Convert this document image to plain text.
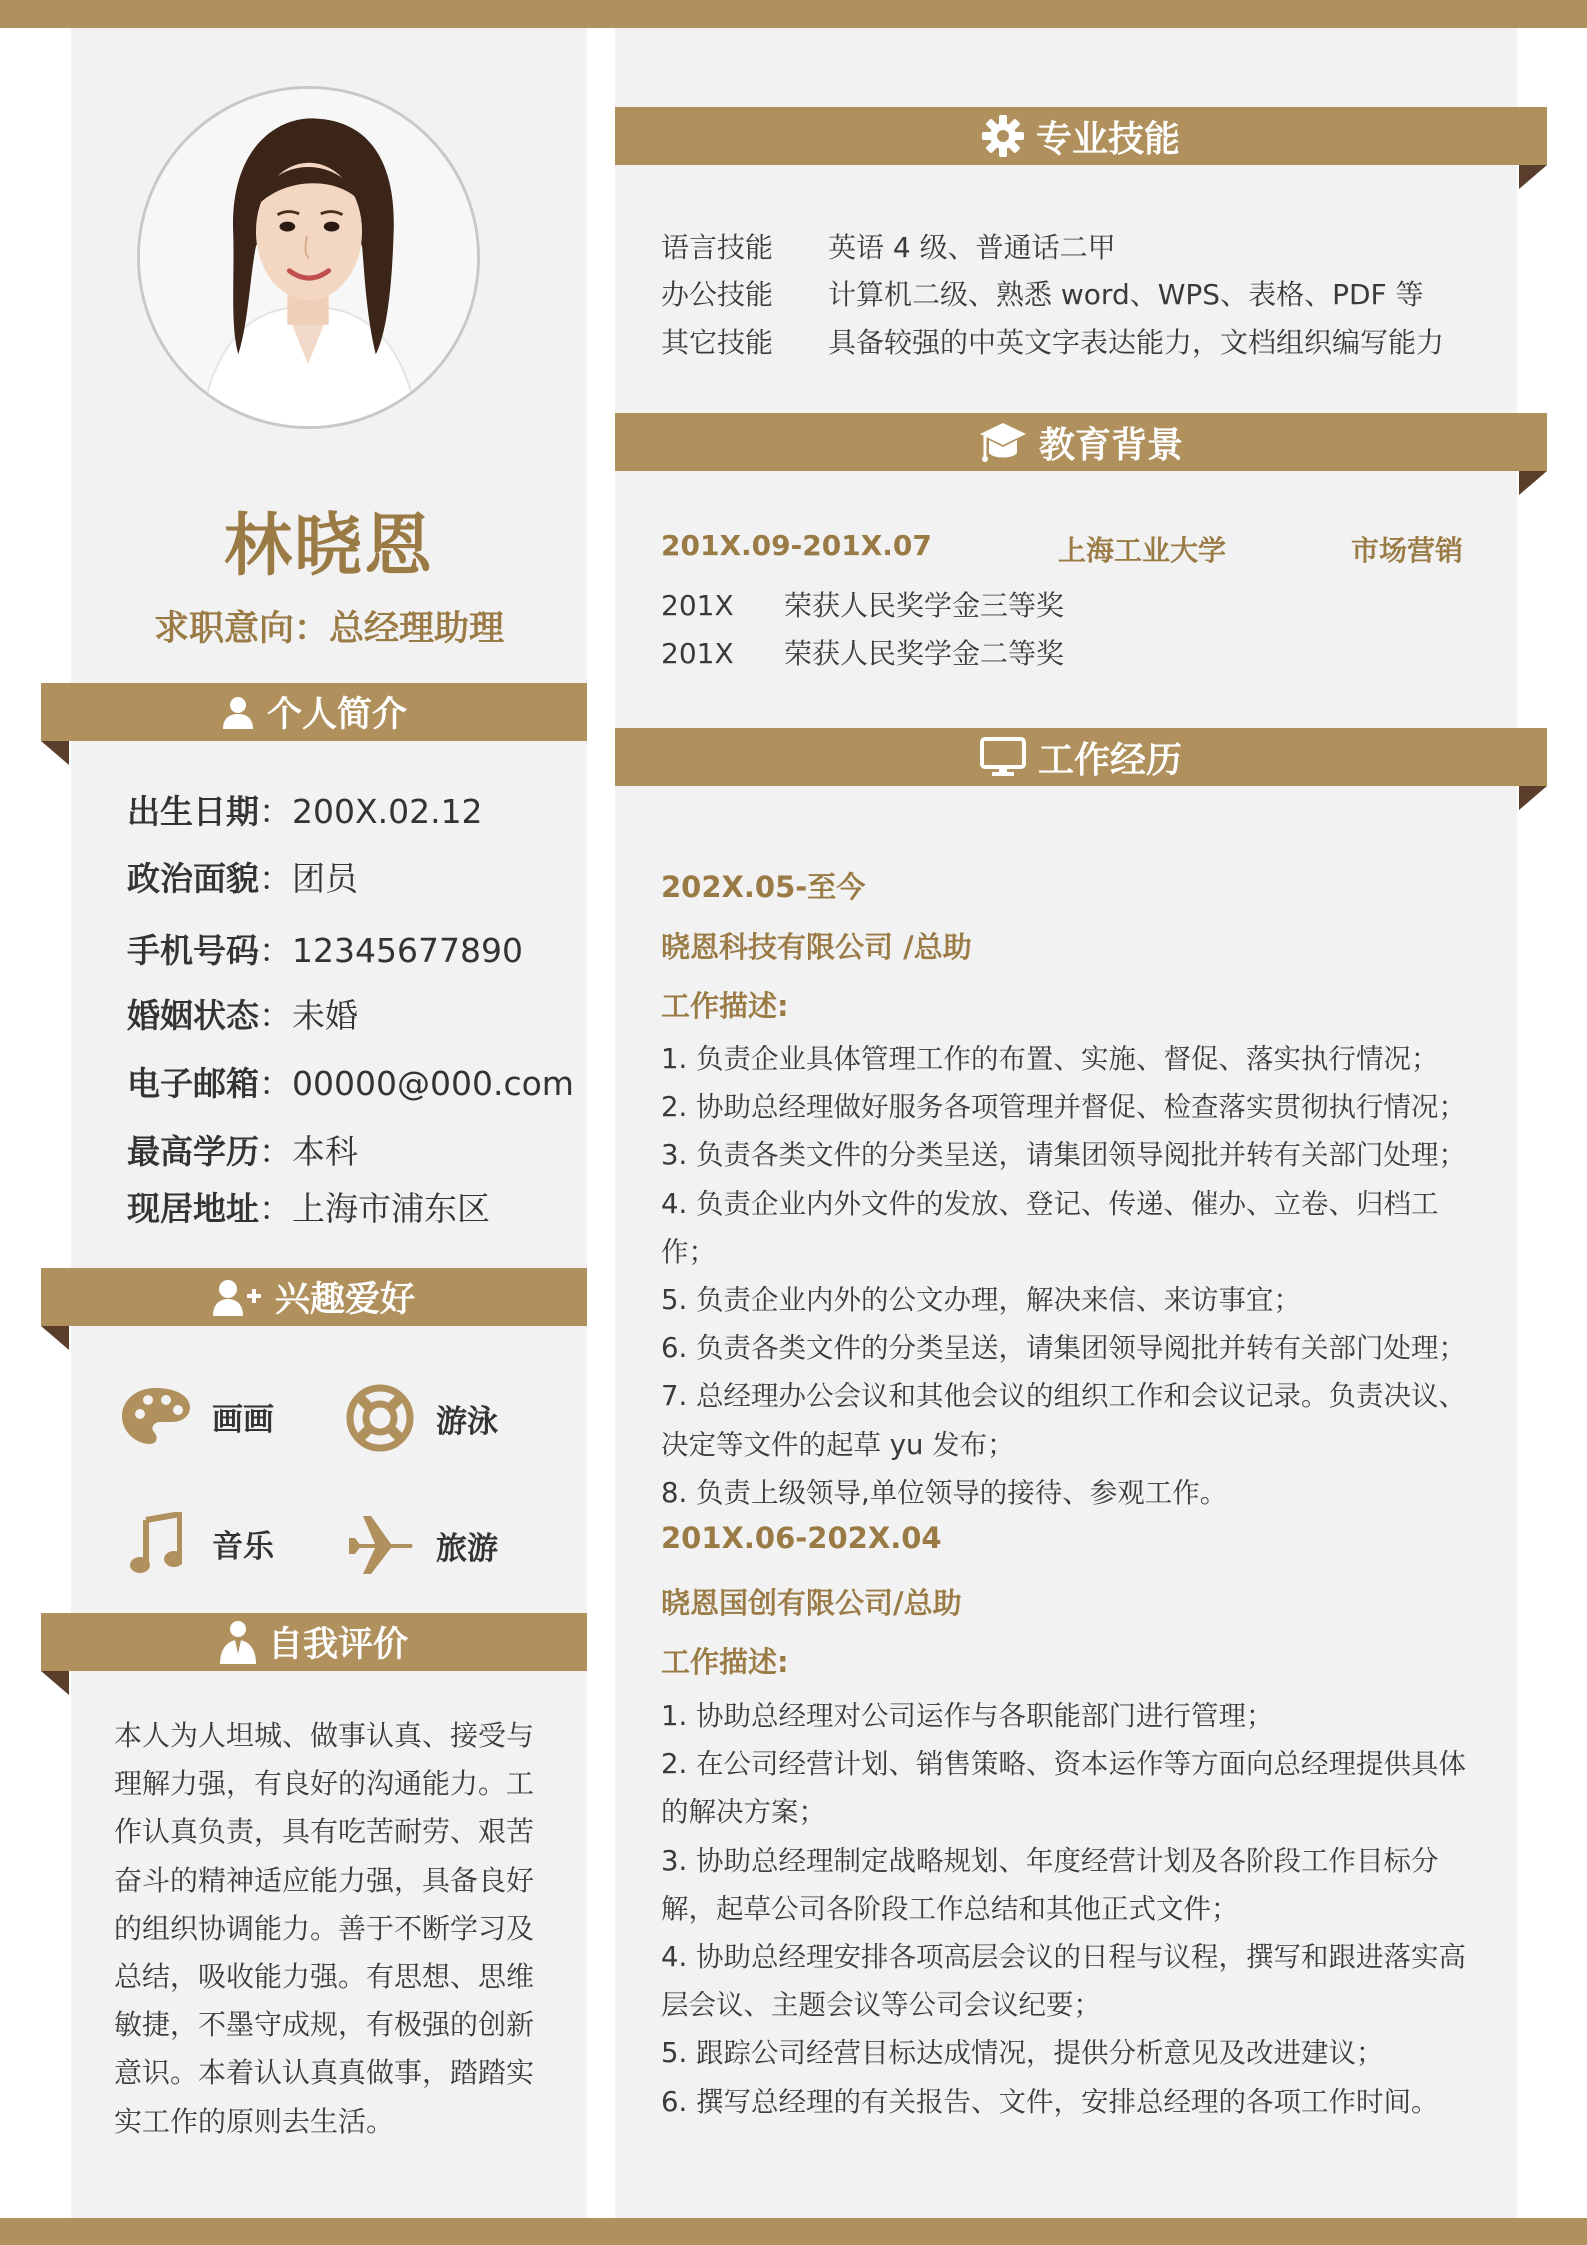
林晓恩
求职意向：总经理助理
个人简介
出生日期：200X.02.12
政治面貌：团员
手机号码：12345677890
婚姻状态：未婚
电子邮箱：00000@000.com
最高学历：本科
现居地址：上海市浦东区
兴趣爱好
画画	游泳
音乐	旅游
自我评价
本人为人坦城、做事认真、接受与理解力强，有良好的沟通能力。工作认真负责，具有吃苦耐劳、艰苦奋斗的精神适应能力强，具备良好的组织协调能力。善于不断学习及总结，吸收能力强。有思想、思维敏捷，不墨守成规，有极强的创新意识。本着认认真真做事，踏踏实实工作的原则去生活。
专业技能
语言技能 英语 4 级、普通话二甲
办公技能 计算机二级、熟悉 word、WPS、表格、PDF 等
其它技能 具备较强的中英文字表达能力，文档组织编写能力
教育背景
201X.09-201X.07	上海工业大学	市场营销
201X 荣获人民奖学金三等奖
201X 荣获人民奖学金二等奖
工作经历
202X.05-至今
晓恩科技有限公司 /总助
工作描述:
1. 负责企业具体管理工作的布置、实施、督促、落实执行情况；
2. 协助总经理做好服务各项管理并督促、检查落实贯彻执行情况；
3. 负责各类文件的分类呈送，请集团领导阅批并转有关部门处理；
4. 负责企业内外文件的发放、登记、传递、催办、立卷、归档工作；
5. 负责企业内外的公文办理，解决来信、来访事宜；
6. 负责各类文件的分类呈送，请集团领导阅批并转有关部门处理；
7. 总经理办公会议和其他会议的组织工作和会议记录。负责决议、决定等文件的起草 yu 发布；
8. 负责上级领导,单位领导的接待、参观工作。
201X.06-202X.04
晓恩国创有限公司/总助
工作描述:
1. 协助总经理对公司运作与各职能部门进行管理；
2. 在公司经营计划、销售策略、资本运作等方面向总经理提供具体的解决方案；
3. 协助总经理制定战略规划、年度经营计划及各阶段工作目标分解，起草公司各阶段工作总结和其他正式文件；
4. 协助总经理安排各项高层会议的日程与议程，撰写和跟进落实高层会议、主题会议等公司会议纪要；
5. 跟踪公司经营目标达成情况，提供分析意见及改进建议；
6. 撰写总经理的有关报告、文件，安排总经理的各项工作时间。
